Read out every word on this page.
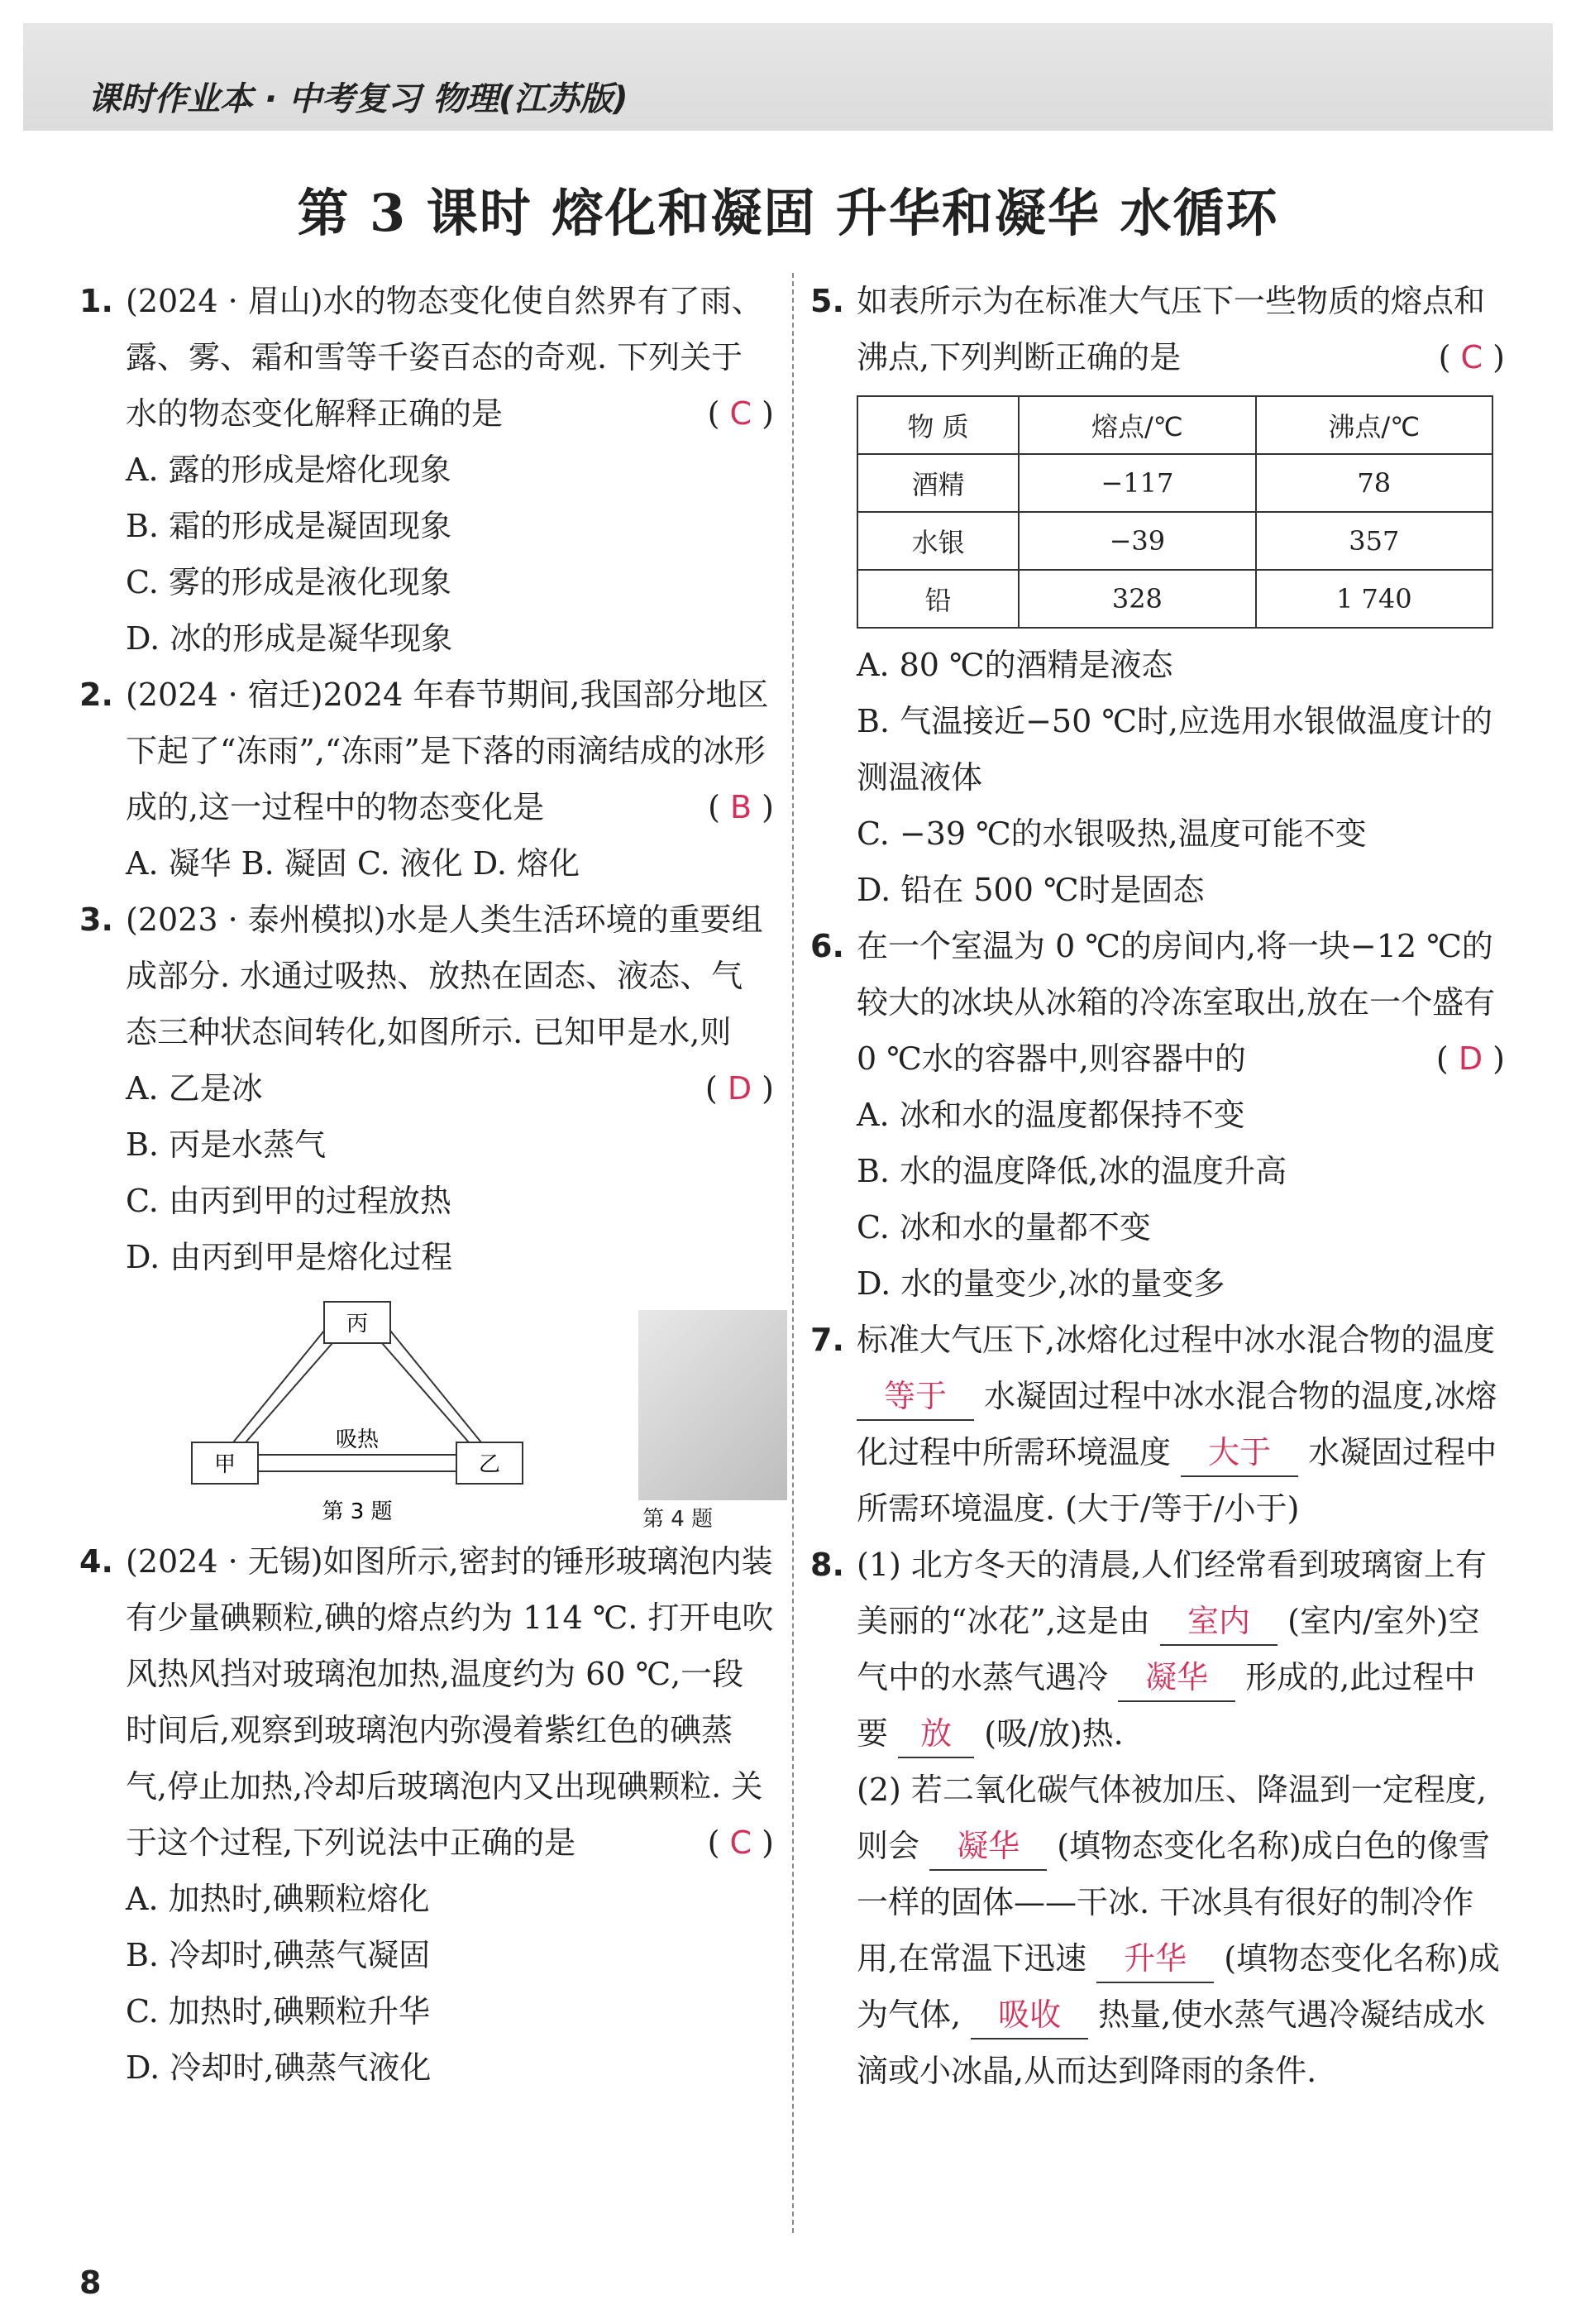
课时作业本 · 中考复习 物理(江苏版)
第 3 课时 熔化和凝固 升华和凝华 水循环
1. (2024 · 眉山)水的物态变化使自然界有了雨、露、雾、霜和雪等千姿百态的奇观. 下列关于水的物态变化解释正确的是	( C )
A. 露的形成是熔化现象
B. 霜的形成是凝固现象
C. 雾的形成是液化现象
D. 冰的形成是凝华现象
2. (2024 · 宿迁)2024 年春节期间,我国部分地区下起了“冻雨”,“冻雨”是下落的雨滴结成的冰形成的,这一过程中的物态变化是	( B )
A. 凝华 B. 凝固 C. 液化 D. 熔化
3. (2023 · 泰州模拟)水是人类生活环境的重要组成部分. 水通过吸热、放热在固态、液态、气态三种状态间转化,如图所示. 已知甲是水,则
( D )
A. 乙是冰
B. 丙是水蒸气
C. 由丙到甲的过程放热
D. 由丙到甲是熔化过程
丙
甲	乙
吸热
第 3 题	第 4 题
4. (2024 · 无锡)如图所示,密封的锤形玻璃泡内装有少量碘颗粒,碘的熔点约为 114 ℃. 打开电吹风热风挡对玻璃泡加热,温度约为 60 ℃,一段时间后,观察到玻璃泡内弥漫着紫红色的碘蒸气,停止加热,冷却后玻璃泡内又出现碘颗粒. 关于这个过程,下列说法中正确的是	( C )
A. 加热时,碘颗粒熔化
B. 冷却时,碘蒸气凝固
C. 加热时,碘颗粒升华
D. 冷却时,碘蒸气液化
5. 如表所示为在标准大气压下一些物质的熔点和沸点,下列判断正确的是	( C )
物 质	熔点/℃	沸点/℃
酒精	−117	78
水银	−39	357
铅	328	1 740
A. 80 ℃的酒精是液态
B. 气温接近−50 ℃时,应选用水银做温度计的测温液体
C. −39 ℃的水银吸热,温度可能不变
D. 铅在 500 ℃时是固态
6. 在一个室温为 0 ℃的房间内,将一块−12 ℃的较大的冰块从冰箱的冷冻室取出,放在一个盛有 0 ℃水的容器中,则容器中的	( D )
A. 冰和水的温度都保持不变
B. 水的温度降低,冰的温度升高
C. 冰和水的量都不变
D. 水的量变少,冰的量变多
7. 标准大气压下,冰熔化过程中冰水混合物的温度 等于 水凝固过程中冰水混合物的温度,冰熔化过程中所需环境温度 大于 水凝固过程中所需环境温度. (大于/等于/小于)
8. (1) 北方冬天的清晨,人们经常看到玻璃窗上有美丽的“冰花”,这是由 室内 (室内/室外)空气中的水蒸气遇冷 凝华 形成的,此过程中要 放 (吸/放)热.
(2) 若二氧化碳气体被加压、降温到一定程度,则会 凝华 (填物态变化名称)成白色的像雪一样的固体——干冰. 干冰具有很好的制冷作用,在常温下迅速 升华 (填物态变化名称)成为气体, 吸收 热量,使水蒸气遇冷凝结成水滴或小冰晶,从而达到降雨的条件.
8
